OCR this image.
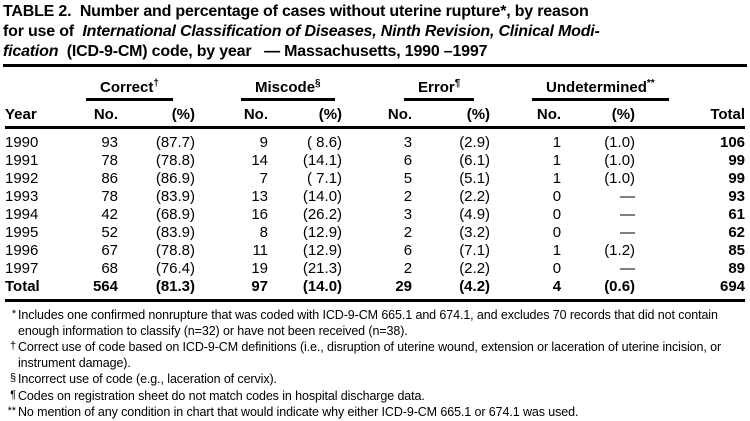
TABLE 2.  Number and percentage of cases without uterine rupture*, by reason
for use of  International Classification of Diseases, Ninth Revision, Clinical Modi-
fication  (ICD-9-CM) code, by year   — Massachusetts, 1990 –1997
	Correct†		Miscode§		Error¶		Undetermined**	
Year	No.	(%)	No.	(%)	No.	(%)	No.	(%)	Total
1990	93	(87.7)	9	( 8.6)	3	(2.9)	1	(1.0)	106
1991	78	(78.8)	14	(14.1)	6	(6.1)	1	(1.0)	99
1992	86	(86.9)	7	( 7.1)	5	(5.1)	1	(1.0)	99
1993	78	(83.9)	13	(14.0)	2	(2.2)	0	—	93
1994	42	(68.9)	16	(26.2)	3	(4.9)	0	—	61
1995	52	(83.9)	8	(12.9)	2	(3.2)	0	—	62
1996	67	(78.8)	11	(12.9)	6	(7.1)	1	(1.2)	85
1997	68	(76.4)	19	(21.3)	2	(2.2)	0	—	89
Total	564	(81.3)	97	(14.0)	29	(4.2)	4	(0.6)	694
* Includes one confirmed nonrupture that was coded with ICD-9-CM 665.1 and 674.1, and excludes 70 records that did not contain enough information to classify (n=32) or have not been received (n=38).
† Correct use of code based on ICD-9-CM definitions (i.e., disruption of uterine wound, extension or laceration of uterine incision, or instrument damage).
§ Incorrect use of code (e.g., laceration of cervix).
¶ Codes on registration sheet do not match codes in hospital discharge data.
** No mention of any condition in chart that would indicate why either ICD-9-CM 665.1 or 674.1 was used.
